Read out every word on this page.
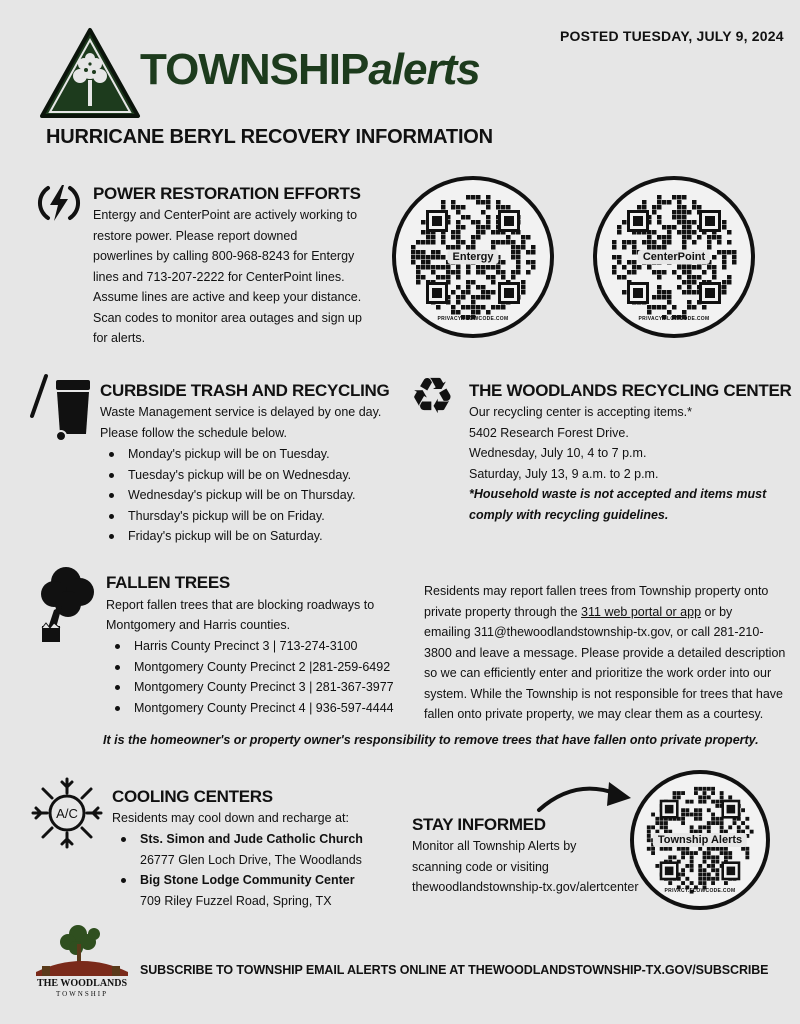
POSTED TUESDAY, JULY 9, 2024
TOWNSHIPalerts
HURRICANE BERYL RECOVERY INFORMATION
POWER RESTORATION EFFORTS
Entergy and CenterPoint are actively working to
restore power. Please report downed
powerlines by calling 800-968-8243 for Entergy
lines and 713-207-2222 for CenterPoint lines.
Assume lines are active and keep your distance.
Scan codes to monitor area outages and sign up
for alerts.
Entergy
PRIVACY.FLOWCODE.COM
CenterPoint
PRIVACY.FLOWCODE.COM
CURBSIDE TRASH AND RECYCLING
Waste Management service is delayed by one day.
Please follow the schedule below.
Monday's pickup will be on Tuesday.
Tuesday's pickup will be on Wednesday.
Wednesday's pickup will be on Thursday.
Thursday's pickup will be on Friday.
Friday's pickup will be on Saturday.
♻ THE WOODLANDS RECYCLING CENTER
Our recycling center is accepting items.*
5402 Research Forest Drive.
Wednesday, July 10, 4 to 7 p.m.
Saturday, July 13, 9 a.m. to 2 p.m.
*Household waste is not accepted and items must
comply with recycling guidelines.
FALLEN TREES
Report fallen trees that are blocking roadways to
Montgomery and Harris counties.
Harris County Precinct 3 | 713-274-3100
Montgomery County Precinct 2 |281-259-6492
Montgomery County Precinct 3 | 281-367-3977
Montgomery County Precinct 4 | 936-597-4444
Residents may report fallen trees from Township property onto
private property through the 311 web portal or app or by
emailing 311@thewoodlandstownship-tx.gov, or call 281-210-
3800 and leave a message. Please provide a detailed description
so we can efficiently enter and prioritize the work order into our
system. While the Township is not responsible for trees that have
fallen onto private property, we may clear them as a courtesy.
It is the homeowner's or property owner's responsibility to remove trees that have fallen onto private property.
A/C
COOLING CENTERS
Residents may cool down and recharge at:
Sts. Simon and Jude Catholic Church
26777 Glen Loch Drive, The Woodlands
Big Stone Lodge Community Center
709 Riley Fuzzel Road, Spring, TX
STAY INFORMED
Monitor all Township Alerts by
scanning code or visiting
thewoodlandstownship-tx.gov/alertcenter
Township Alerts
PRIVACY.FLOWCODE.COM
THE WOODLANDS
TOWNSHIP
SUBSCRIBE TO TOWNSHIP EMAIL ALERTS ONLINE AT THEWOODLANDSTOWNSHIP-TX.GOV/SUBSCRIBE
